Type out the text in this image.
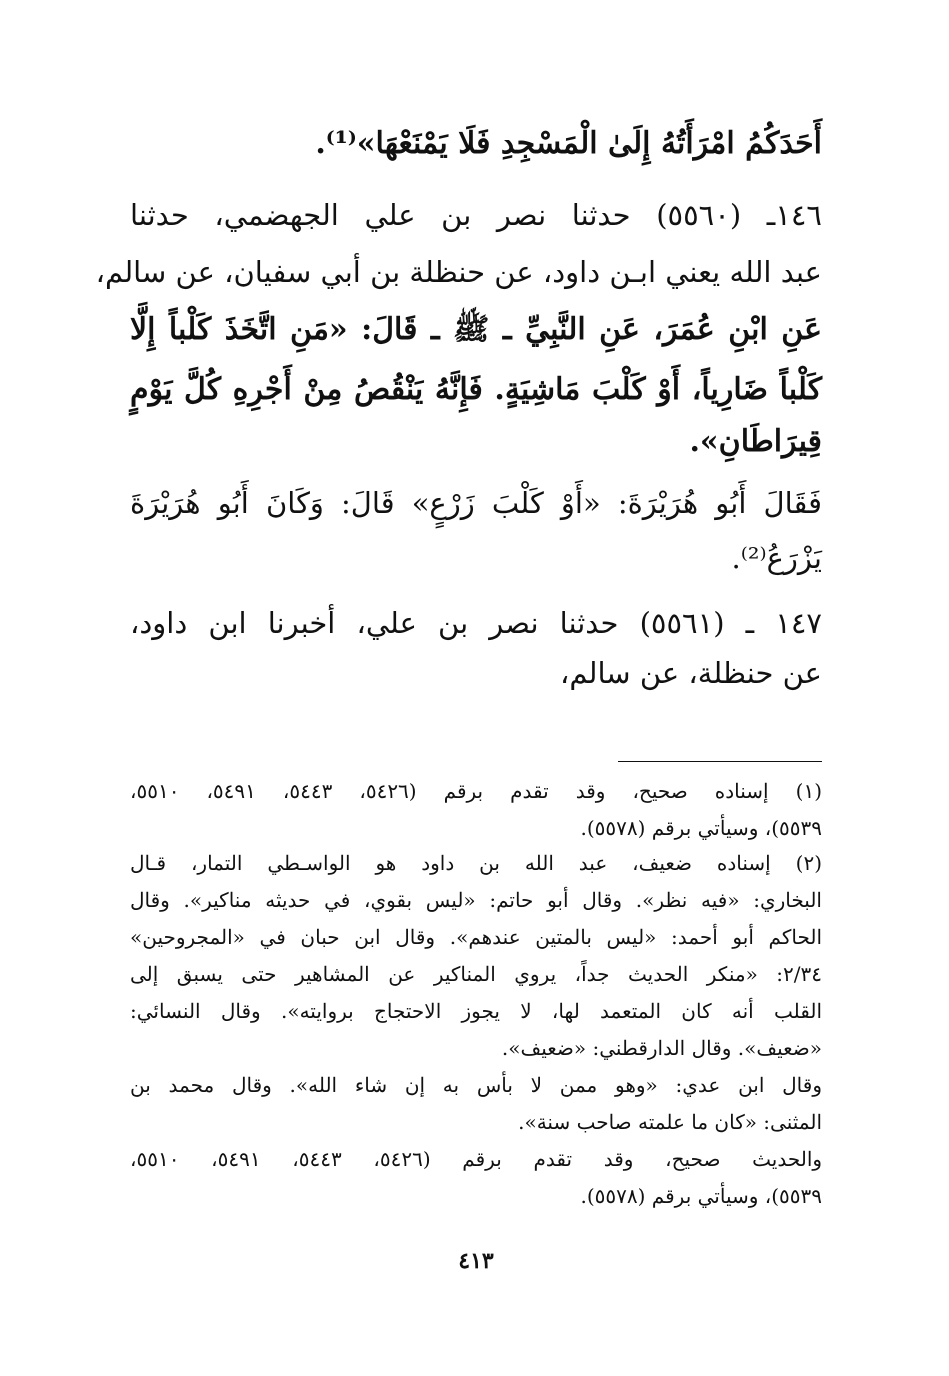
أَحَدَكُمُ امْرَأَتُهُ إِلَىٰ الْمَسْجِدِ فَلَا يَمْنَعْهَا»⁽¹⁾.
١٤٦ـ (٥٥٦٠) حدثنا نصر بن علي الجهضمي، حدثنا
عبد الله يعني ابـن داود، عن حنظلة بن أبي سفيان، عن سالم،
عَنِ ابْنِ عُمَرَ، عَنِ النَّبِيِّ ـ ﷺ ـ قَالَ: «مَنِ اتَّخَذَ كَلْباً إِلَّا
كَلْباً ضَارِياً، أَوْ كَلْبَ مَاشِيَةٍ. فَإِنَّهُ يَنْقُصُ مِنْ أَجْرِهِ كُلَّ يَوْمٍ
قِيرَاطَانِ».
فَقَالَ أَبُو هُرَيْرَةَ: «أَوْ كَلْبَ زَرْعٍ» قَالَ: وَكَانَ أَبُو هُرَيْرَةَ
يَزْرَعُ⁽²⁾.
١٤٧ ـ (٥٥٦١) حدثنا نصر بن علي، أخبرنا ابن داود،
عن حنظلة، عن سالم،
(١) إسناده صحيح، وقد تقدم برقم (٥٤٢٦، ٥٤٤٣، ٥٤٩١، ٥٥١٠،
٥٥٣٩)، وسيأتي برقم (٥٥٧٨).
(٢) إسناده ضعيف، عبد الله بن داود هو الواسـطي التمار، قـال
البخاري: «فيه نظر». وقال أبو حاتم: «ليس بقوي، في حديثه مناكير». وقال
الحاكم أبو أحمد: «ليس بالمتين عندهم». وقال ابن حبان في «المجروحين»
٢/٣٤: «منكر الحديث جداً، يروي المناكير عن المشاهير حتى يسبق إلى
القلب أنه كان المتعمد لها، لا يجوز الاحتجاج بروايته». وقال النسائي:
«ضعيف». وقال الدارقطني: «ضعيف».
وقال ابن عدي: «وهو ممن لا بأس به إن شاء الله». وقال محمد بن
المثنى: «كان ما علمته صاحب سنة».
والحديث صحيح، وقد تقدم برقم (٥٤٢٦، ٥٤٤٣، ٥٤٩١، ٥٥١٠،
٥٥٣٩)، وسيأتي برقم (٥٥٧٨).
٤١٣
